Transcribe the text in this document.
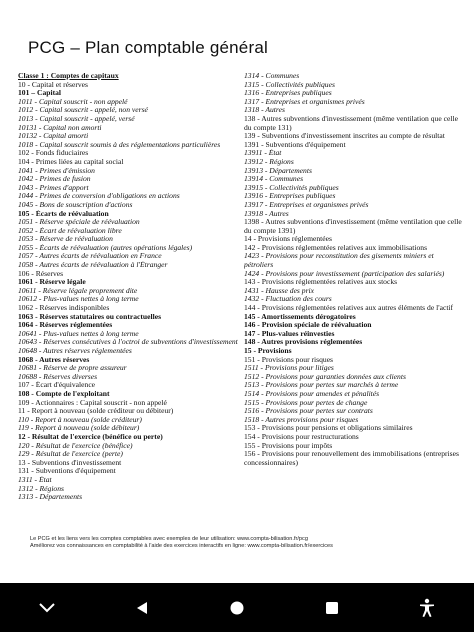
PCG – Plan comptable général
Classe 1 : Comptes de capitaux
10 - Capital et réserves
101 – Capital
1011 - Capital souscrit - non appelé
1012 - Capital souscrit - appelé, non versé
1013 - Capital souscrit - appelé, versé
10131 - Capital non amorti
10132 - Capital amorti
1018 - Capital souscrit soumis à des réglementations particulières
102 - Fonds fiduciaires
104 - Primes liées au capital social
1041 - Primes d'émission
1042 - Primes de fusion
1043 - Primes d'apport
1044 - Primes de conversion d'obligations en actions
1045 - Bons de souscription d'actions
105 - Écarts de réévaluation
1051 - Réserve spéciale de réévaluation
1052 - Écart de réévaluation libre
1053 - Réserve de réévaluation
1055 - Écarts de réévaluation (autres opérations légales)
1057 - Autres écarts de réévaluation en France
1058 - Autres écarts de réévaluation à l'Étranger
106 - Réserves
1061 - Réserve légale
10611 - Réserve légale proprement dite
10612 - Plus-values nettes à long terme
1062 - Réserves indisponibles
1063 - Réserves statutaires ou contractuelles
1064 - Réserves réglementées
10641 - Plus-values nettes à long terme
10643 - Réserves consécutives à l'octroi de subventions d'investissement
10648 - Autres réserves réglementées
1068 - Autres réserves
10681 - Réserve de propre assureur
10688 - Réserves diverses
107 - Écart d'équivalence
108 - Compte de l'exploitant
109 - Actionnaires : Capital souscrit - non appelé
11 - Report à nouveau (solde créditeur ou débiteur)
110 - Report à nouveau (solde créditeur)
119 - Report à nouveau (solde débiteur)
12 - Résultat de l'exercice (bénéfice ou perte)
120 - Résultat de l'exercice (bénéfice)
129 - Résultat de l'exercice (perte)
13 - Subventions d'investissement
131 - Subventions d'équipement
1311 - État
1312 - Régions
1313 - Départements
1314 - Communes
1315 - Collectivités publiques
1316 - Entreprises publiques
1317 - Entreprises et organismes privés
1318 - Autres
138 - Autres subventions d'investissement (même ventilation que celle du compte 131)
139 - Subventions d'investissement inscrites au compte de résultat
1391 - Subventions d'équipement
13911 - État
13912 - Régions
13913 - Départements
13914 - Communes
13915 - Collectivités publiques
13916 - Entreprises publiques
13917 - Entreprises et organismes privés
13918 - Autres
1398 - Autres subventions d'investissement (même ventilation que celle du compte 1391)
14 - Provisions réglementées
142 - Provisions réglementées relatives aux immobilisations
1423 - Provisions pour reconstitution des gisements miniers et pétroliers
1424 - Provisions pour investissement (participation des salariés)
143 - Provisions réglementées relatives aux stocks
1431 - Hausse des prix
1432 - Fluctuation des cours
144 - Provisions réglementées relatives aux autres éléments de l'actif
145 - Amortissements dérogatoires
146 - Provision spéciale de réévaluation
147 - Plus-values réinvesties
148 - Autres provisions réglementées
15 - Provisions
151 - Provisions pour risques
1511 - Provisions pour litiges
1512 - Provisions pour garanties données aux clients
1513 - Provisions pour pertes sur marchés à terme
1514 - Provisions pour amendes et pénalités
1515 - Provisions pour pertes de change
1516 - Provisions pour pertes sur contrats
1518 - Autres provisions pour risques
153 - Provisions pour pensions et obligations similaires
154 - Provisions pour restructurations
155 - Provisions pour impôts
156 - Provisions pour renouvellement des immobilisations (entreprises concessionnaires)
Le PCG et les liens vers les comptes comptables avec exemples de leur utilisation: www.compta-bilisation.fr/pcg
Améliorez vos connaissances en comptabilité à l'aide des exercices interactifs en ligne: www.compta-bilisation.fr/exercices
